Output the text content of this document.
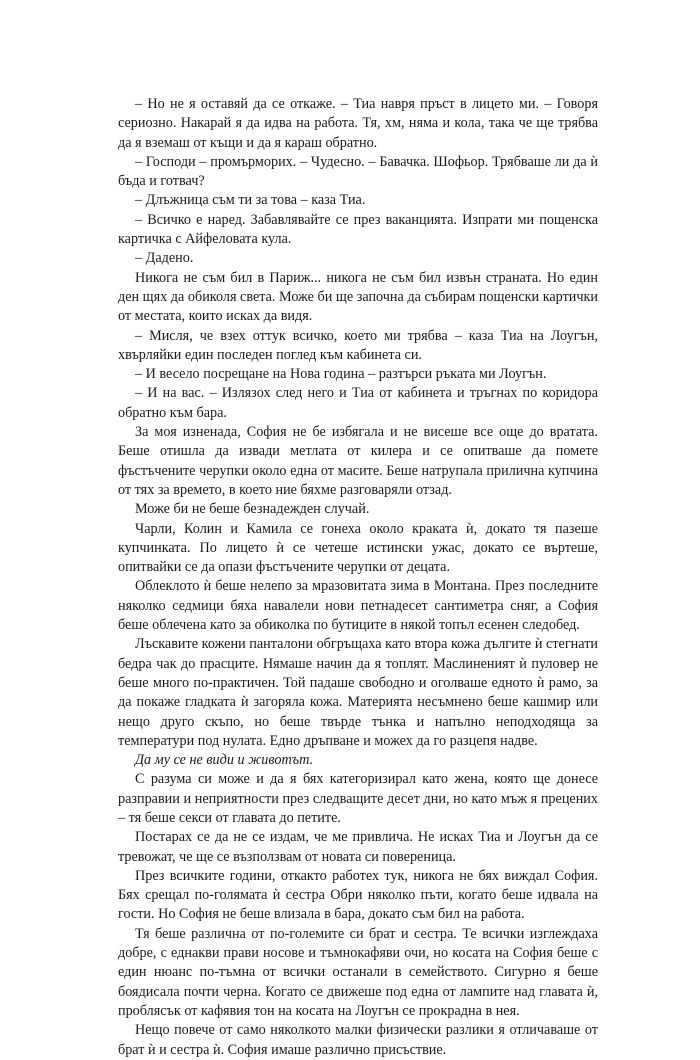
– Но не я оставяй да се откаже. – Тиа навря пръст в лицето ми. – Говоря сериозно. Накарай я да идва на работа. Тя, хм, няма и кола, така че ще трябва да я вземаш от къщи и да я караш обратно.

– Господи – промърморих. – Чудесно. – Бавачка. Шофьор. Трябваше ли да ѝ бъда и готвач?

– Длъжница съм ти за това – каза Тиа.

– Всичко е наред. Забавлявайте се през ваканцията. Изпрати ми пощенска картичка с Айфеловата кула.

– Дадено.

Никога не съм бил в Париж... никога не съм бил извън страната. Но един ден щях да обиколя света. Може би ще започна да събирам пощенски картички от местата, които исках да видя.

– Мисля, че взех оттук всичко, което ми трябва – каза Тиа на Лоугън, хвърляйки един последен поглед към кабинета си.

– И весело посрещане на Нова година – разтърси ръката ми Лоугън.

– И на вас. – Излязох след него и Тиа от кабинета и тръгнах по коридора обратно към бара.

За моя изненада, София не бе избягала и не висеше все още до вратата. Беше отишла да извади метлата от килера и се опитваше да помете фъстъчените черупки около една от масите. Беше натрупала прилична купчина от тях за времето, в което ние бяхме разговаряли отзад.

Може би не беше безнадежден случай.

Чарли, Колин и Камила се гонеха около краката ѝ, докато тя пазеше купчинката. По лицето ѝ се четеше истински ужас, докато се въртеше, опитвайки се да опази фъстъчените черупки от децата.

Облеклото ѝ беше нелепо за мразовитата зима в Монтана. През последните няколко седмици бяха навалели нови петнадесет сантиметра сняг, а София беше облечена като за обиколка по бутиците в някой топъл есенен следобед.

Лъскавите кожени панталони обгръщаха като втора кожа дългите ѝ стегнати бедра чак до прасците. Нямаше начин да я топлят. Маслиненият ѝ пуловер не беше много по-практичен. Той падаше свободно и оголваше едното ѝ рамо, за да покаже гладката ѝ загоряла кожа. Материята несъмнено беше кашмир или нещо друго скъпо, но беше твърде тънка и напълно неподходяща за температури под нулата. Едно дръпване и можех да го разцепя надве.

Да му се не види и животът.

С разума си може и да я бях категоризирал като жена, която ще донесе разправии и неприятности през следващите десет дни, но като мъж я прецених – тя беше секси от главата до петите.

Постарах се да не се издам, че ме привлича. Не исках Тиа и Лоугън да се тревожат, че ще се възползвам от новата си повереница.

През всичките години, откакто работех тук, никога не бях виждал София. Бях срещал по-голямата ѝ сестра Обри няколко пъти, когато беше идвала на гости. Но София не беше влизала в бара, докато съм бил на работа.

Тя беше различна от по-големите си брат и сестра. Те всички изглеждаха добре, с еднакви прави носове и тъмнокафяви очи, но косата на София беше с един нюанс по-тъмна от всички останали в семейството. Сигурно я беше боядисала почти черна. Когато се движеше под една от лампите над главата ѝ, проблясък от кафявия тон на косата на Лоугън се прокрадна в нея.

Нещо повече от само няколкото малки физически разлики я отличаваше от брат ѝ и сестра ѝ. София имаше различно присъствие.
